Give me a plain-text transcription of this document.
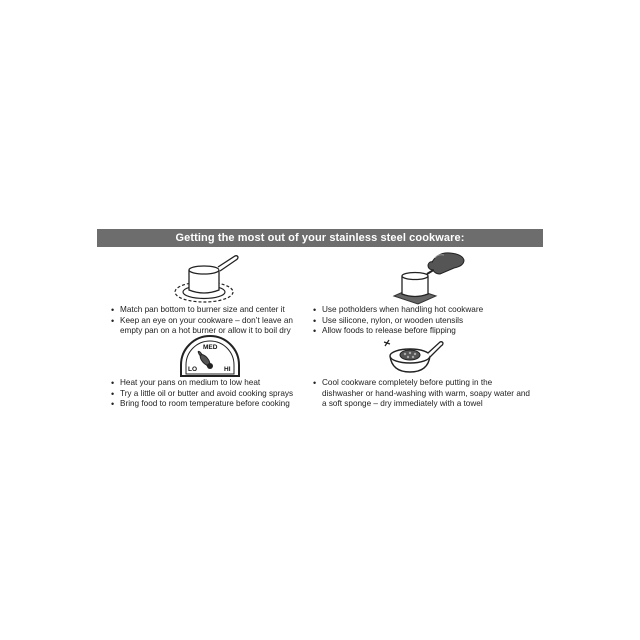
Getting the most out of your stainless steel cookware:
• Match pan bottom to burner size and center it
• Keep an eye on your cookware – don’t leave an empty pan on a hot burner or allow it to boil dry
• Use potholders when handling hot cookware
• Use silicone, nylon, or wooden utensils
• Allow foods to release before flipping
MED
LO	HI
• Heat your pans on medium to low heat
• Try a little oil or butter and avoid cooking sprays
• Bring food to room temperature before cooking
• Cool cookware completely before putting in the dishwasher or hand-washing with warm, soapy water and a soft sponge – dry immediately with a towel
